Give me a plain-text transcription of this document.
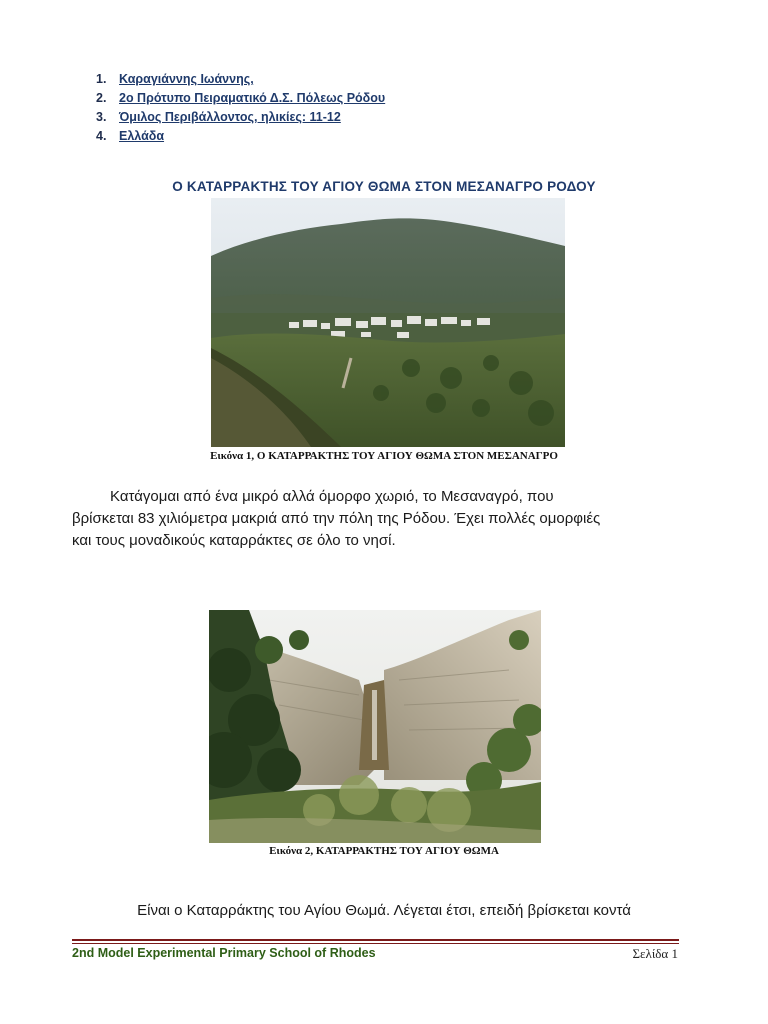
1.	Καραγιάννης Ιωάννης,
2.	2ο Πρότυπο Πειραματικό Δ.Σ. Πόλεως Ρόδου
3.	Όμιλος Περιβάλλοντος, ηλικίες: 11-12
4.	Ελλάδα
Ο ΚΑΤΑΡΡΑΚΤΗΣ ΤΟΥ ΑΓΙΟΥ ΘΩΜΑ ΣΤΟΝ ΜΕΣΑΝΑΓΡΟ ΡΟΔΟΥ
Εικόνα 1, Ο ΚΑΤΑΡΡΑΚΤΗΣ ΤΟΥ ΑΓΙΟΥ ΘΩΜΑ ΣΤΟΝ ΜΕΣΑΝΑΓΡΟ

Κατάγομαι από ένα μικρό αλλά όμορφο χωριό, το Μεσαναγρό, που

βρίσκεται 83 χιλιόμετρα μακριά από την πόλη της Ρόδου. Έχει πολλές ομορφιές

και τους μοναδικούς καταρράκτες σε όλο το νησί.

Εικόνα 2, ΚΑΤΑΡΡΑΚΤΗΣ ΤΟΥ ΑΓΙΟΥ ΘΩΜΑ
Είναι ο Καταρράκτης του Αγίου Θωμά. Λέγεται έτσι, επειδή βρίσκεται κοντά
2nd Model Experimental Primary School of Rhodes	Σελίδα 1
